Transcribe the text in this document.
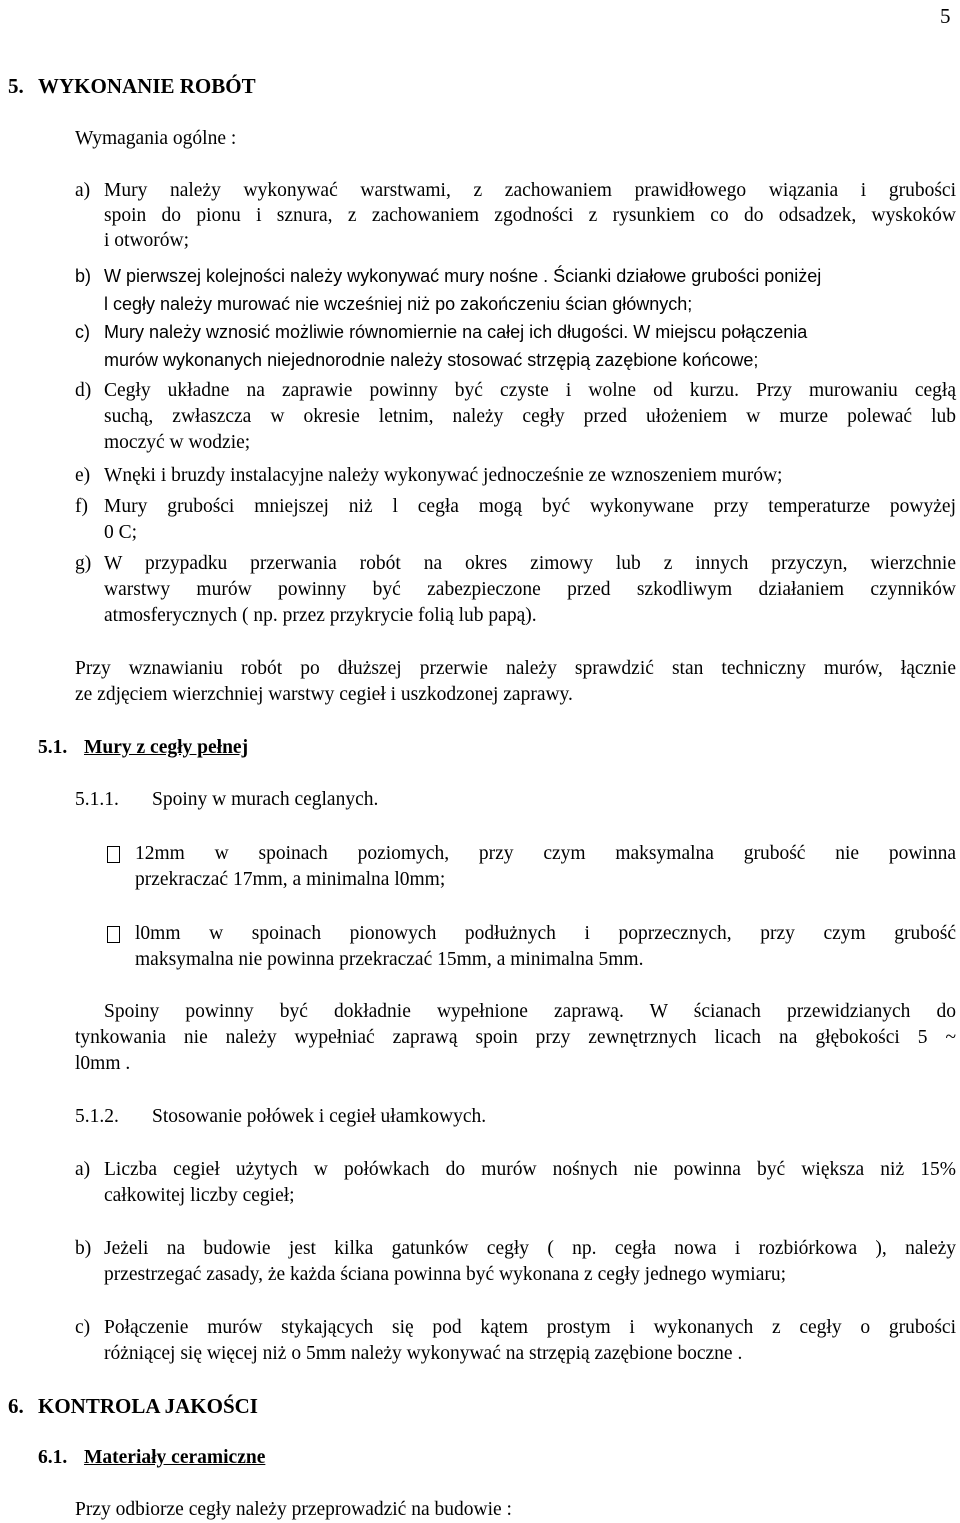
5
5. WYKONANIE ROBÓT
Wymagania ogólne :
a) Mury należy wykonywać warstwami, z zachowaniem prawidłowego wiązania i grubości
spoin do pionu i sznura, z zachowaniem zgodności z rysunkiem co do odsadzek, wyskoków
i otworów;
b) W pierwszej kolejności należy wykonywać mury nośne . Ścianki działowe grubości poniżej
l cegły należy murować nie wcześniej niż po zakończeniu ścian głównych;
c) Mury należy wznosić możliwie równomiernie na całej ich długości. W miejscu połączenia
murów wykonanych niejednorodnie należy stosować strzępią zazębione końcowe;
d) Cegły układne na zaprawie powinny być czyste i wolne od kurzu. Przy murowaniu cegłą
suchą, zwłaszcza w okresie letnim, należy cegły przed ułożeniem w murze polewać lub
moczyć w wodzie;
e) Wnęki i bruzdy instalacyjne należy wykonywać jednocześnie ze wznoszeniem murów;
f) Mury grubości mniejszej niż l cegła mogą być wykonywane przy temperaturze powyżej
0 C;
g) W przypadku przerwania robót na okres zimowy lub z innych przyczyn, wierzchnie
warstwy murów powinny być zabezpieczone przed szkodliwym działaniem czynników
atmosferycznych ( np. przez przykrycie folią lub papą).
Przy wznawianiu robót po dłuższej przerwie należy sprawdzić stan techniczny murów, łącznie
ze zdjęciem wierzchniej warstwy cegieł i uszkodzonej zaprawy.
5.1. Mury z cegły pełnej
5.1.1. Spoiny w murach ceglanych.
12mm w spoinach poziomych, przy czym maksymalna grubość nie powinna
przekraczać 17mm, a minimalna l0mm;
l0mm w spoinach pionowych podłużnych i poprzecznych, przy czym grubość
maksymalna nie powinna przekraczać 15mm, a minimalna 5mm.
Spoiny powinny być dokładnie wypełnione zaprawą. W ścianach przewidzianych do
tynkowania nie należy wypełniać zaprawą spoin przy zewnętrznych licach na głębokości 5 ~
l0mm .
5.1.2. Stosowanie połówek i cegieł ułamkowych.
a) Liczba cegieł użytych w połówkach do murów nośnych nie powinna być większa niż 15%
całkowitej liczby cegieł;
b) Jeżeli na budowie jest kilka gatunków cegły ( np. cegła nowa i rozbiórkowa ), należy
przestrzegać zasady, że każda ściana powinna być wykonana z cegły jednego wymiaru;
c) Połączenie murów stykających się pod kątem prostym i wykonanych z cegły o grubości
różniącej się więcej niż o 5mm należy wykonywać na strzępią zazębione boczne .
6. KONTROLA JAKOŚCI
6.1. Materiały ceramiczne
Przy odbiorze cegły należy przeprowadzić na budowie :
